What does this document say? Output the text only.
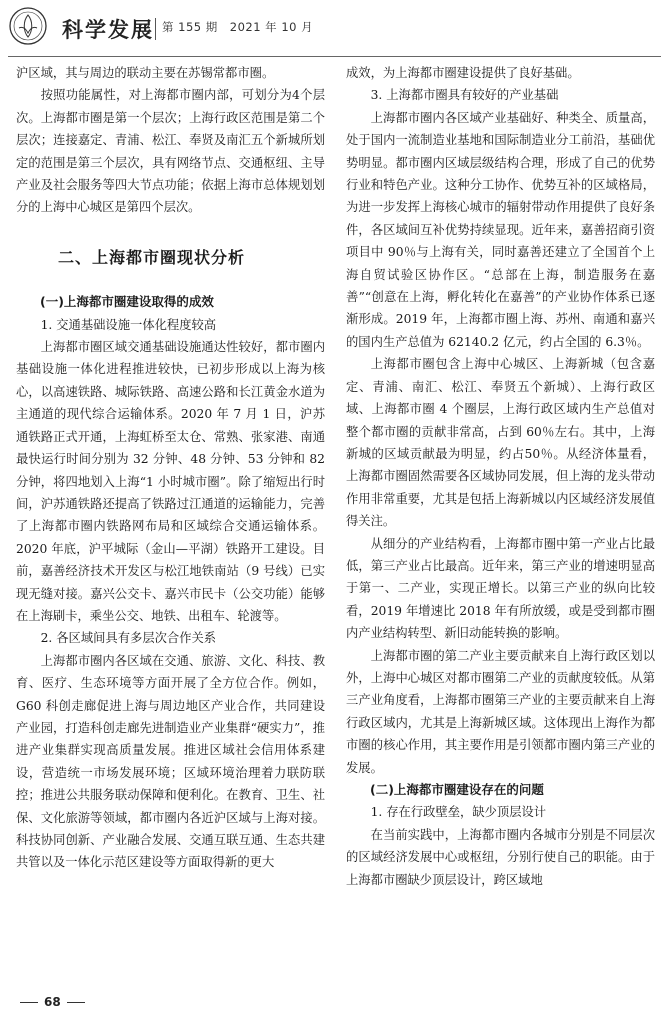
科学发展 第 155 期　2021 年 10 月

沪区域，其与周边的联动主要在苏锡常都市圈。

按照功能属性，对上海都市圈内部，可划分为4个层次。上海都市圈是第一个层次；上海行政区范围是第二个层次；连接嘉定、青浦、松江、奉贤及南汇五个新城所划定的范围是第三个层次，具有网络节点、交通枢纽、主导产业及社会服务等四大节点功能；依据上海市总体规划划分的上海中心城区是第四个层次。

二、上海都市圈现状分析

(一)上海都市圈建设取得的成效

1. 交通基础设施一体化程度较高

上海都市圈区域交通基础设施通达性较好，都市圈内基础设施一体化进程推进较快，已初步形成以上海为核心，以高速铁路、城际铁路、高速公路和长江黄金水道为主通道的现代综合运输体系。2020 年 7 月 1 日，沪苏通铁路正式开通，上海虹桥至太仓、常熟、张家港、南通最快运行时间分别为 32 分钟、48 分钟、53 分钟和 82 分钟，将四地划入上海“1 小时城市圈”。除了缩短出行时间，沪苏通铁路还提高了铁路过江通道的运输能力，完善了上海都市圈内铁路网布局和区域综合交通运输体系。2020 年底，沪平城际（金山—平湖）铁路开工建设。目前，嘉善经济技术开发区与松江地铁南站（9 号线）已实现无缝对接。嘉兴公交卡、嘉兴市民卡（公交功能）能够在上海刷卡，乘坐公交、地铁、出租车、轮渡等。

2. 各区域间具有多层次合作关系

上海都市圈内各区域在交通、旅游、文化、科技、教育、医疗、生态环境等方面开展了全方位合作。例如，G60 科创走廊促进上海与周边地区产业合作，共同建设产业园，打造科创走廊先进制造业产业集群“硬实力”，推进产业集群实现高质量发展。推进区域社会信用体系建设，营造统一市场发展环境；区域环境治理着力联防联控；推进公共服务联动保障和便利化。在教育、卫生、社保、文化旅游等领域，都市圈内各近沪区域与上海对接。科技协同创新、产业融合发展、交通互联互通、生态共建共管以及一体化示范区建设等方面取得新的更大

成效，为上海都市圈建设提供了良好基础。

3. 上海都市圈具有较好的产业基础

上海都市圈内各区域产业基础好、种类全、质量高，处于国内一流制造业基地和国际制造业分工前沿，基础优势明显。都市圈内区域层级结构合理，形成了自己的优势行业和特色产业。这种分工协作、优势互补的区域格局，为进一步发挥上海核心城市的辐射带动作用提供了良好条件，各区域间互补优势持续显现。近年来，嘉善招商引资项目中 90％与上海有关，同时嘉善还建立了全国首个上海自贸试验区协作区。“总部在上海，制造服务在嘉善”“创意在上海，孵化转化在嘉善”的产业协作体系已逐渐形成。2019 年，上海都市圈上海、苏州、南通和嘉兴的国内生产总值为 62140.2 亿元，约占全国的 6.3％。

上海都市圈包含上海中心城区、上海新城（包含嘉定、青浦、南汇、松江、奉贤五个新城）、上海行政区域、上海都市圈 4 个圈层，上海行政区域内生产总值对整个都市圈的贡献非常高，占到 60％左右。其中，上海新城的区域贡献最为明显，约占50％。从经济体量看，上海都市圈固然需要各区域协同发展，但上海的龙头带动作用非常重要，尤其是包括上海新城以内区域经济发展值得关注。

从细分的产业结构看，上海都市圈中第一产业占比最低，第三产业占比最高。近年来，第三产业的增速明显高于第一、二产业，实现正增长。以第三产业的纵向比较看，2019 年增速比 2018 年有所放缓，或是受到都市圈内产业结构转型、新旧动能转换的影响。

上海都市圈的第二产业主要贡献来自上海行政区划以外，上海中心城区对都市圈第二产业的贡献度较低。从第三产业角度看，上海都市圈第三产业的主要贡献来自上海行政区域内，尤其是上海新城区域。这体现出上海作为都市圈的核心作用，其主要作用是引领都市圈内第三产业的发展。

(二)上海都市圈建设存在的问题

1. 存在行政壁垒，缺少顶层设计

在当前实践中，上海都市圈内各城市分别是不同层次的区域经济发展中心或枢纽，分别行使自己的职能。由于上海都市圈缺少顶层设计，跨区域地

68
